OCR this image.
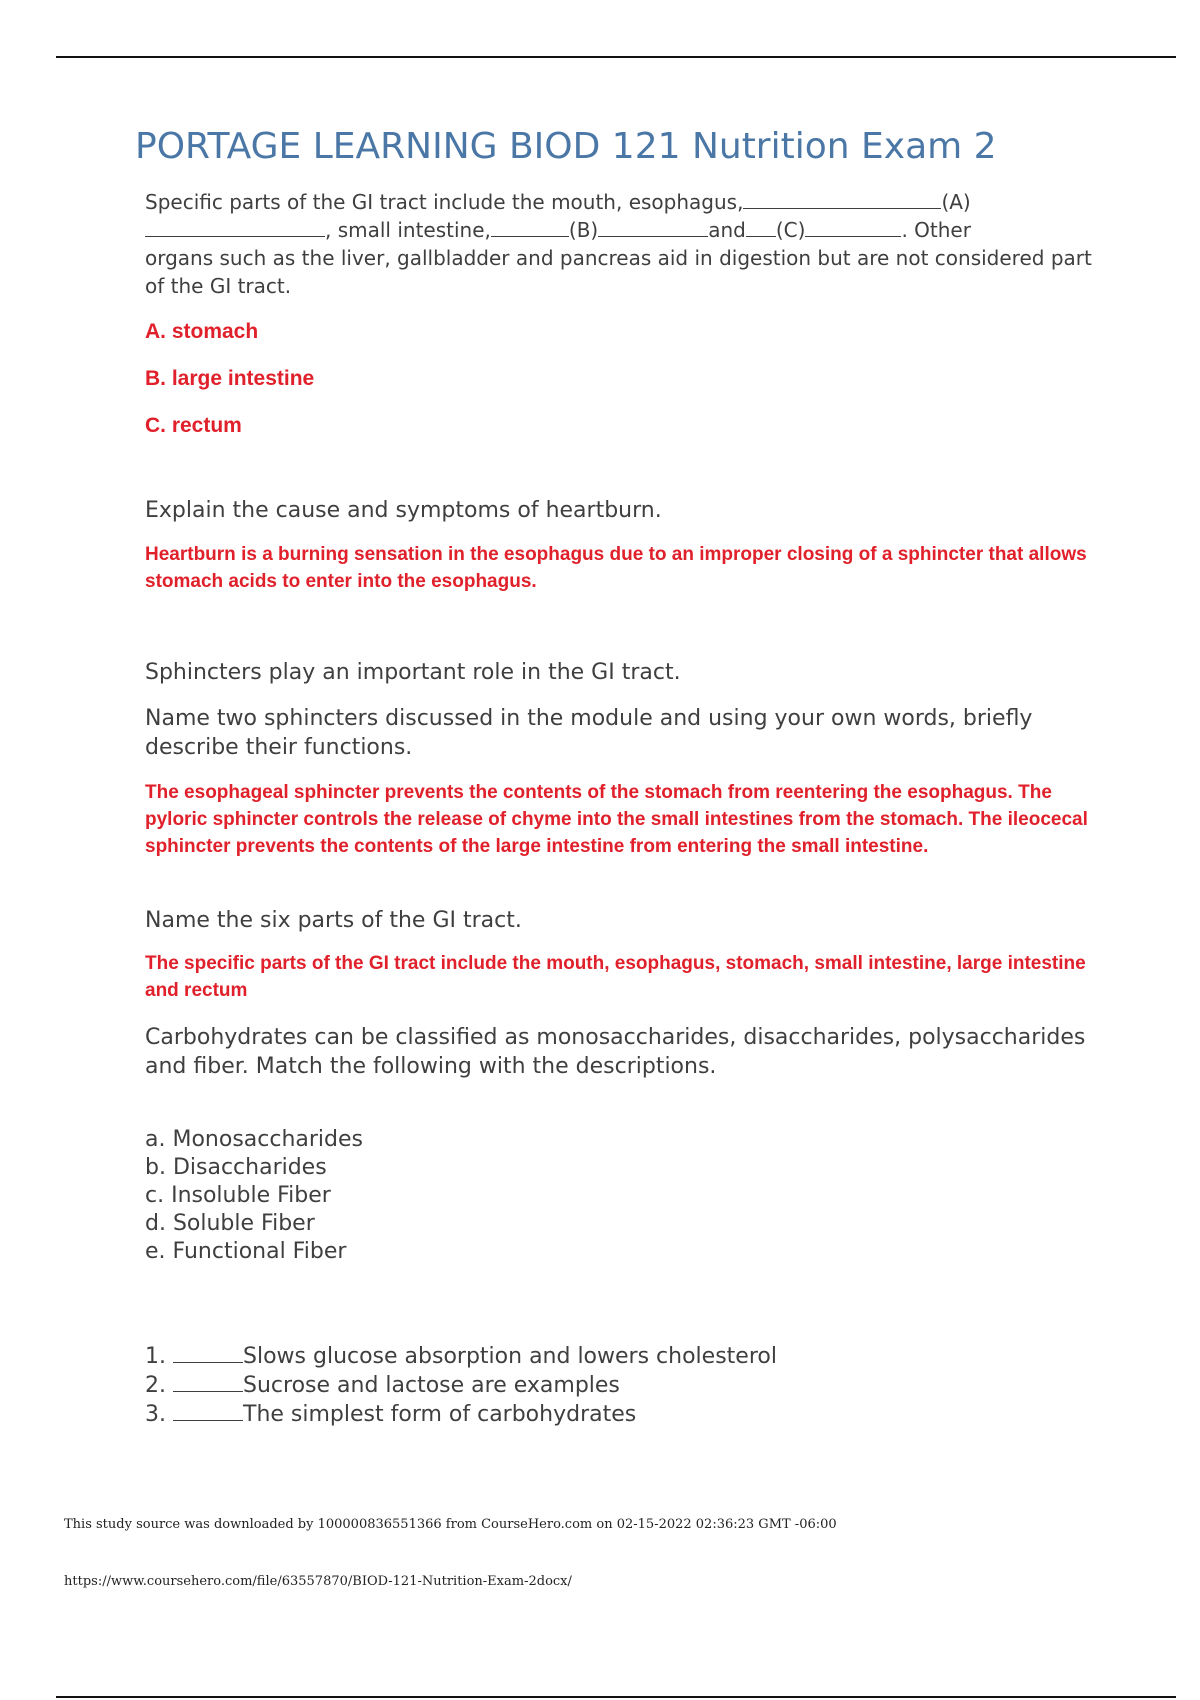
PORTAGE LEARNING BIOD 121 Nutrition Exam 2
Specific parts of the GI tract include the mouth, esophagus,	(A)
, small intestine,	(B)	and (C)	. Other
organs such as the liver, gallbladder and pancreas aid in digestion but are not considered part of the GI tract.

A. stomach

B. large intestine

C. rectum

Explain the cause and symptoms of heartburn.

Heartburn is a burning sensation in the esophagus due to an improper closing of a sphincter that allows stomach acids to enter into the esophagus.

Sphincters play an important role in the GI tract.

Name two sphincters discussed in the module and using your own words, briefly describe their functions.

The esophageal sphincter prevents the contents of the stomach from reentering the esophagus. The pyloric sphincter controls the release of chyme into the small intestines from the stomach. The ileocecal sphincter prevents the contents of the large intestine from entering the small intestine.

Name the six parts of the GI tract.

The specific parts of the GI tract include the mouth, esophagus, stomach, small intestine, large intestine and rectum

Carbohydrates can be classified as monosaccharides, disaccharides, polysaccharides and fiber. Match the following with the descriptions.

a. Monosaccharides
b. Disaccharides
c. Insoluble Fiber
d. Soluble Fiber
e. Functional Fiber
1.	Slows glucose absorption and lowers cholesterol
2.	Sucrose and lactose are examples
3.	The simplest form of carbohydrates

This study source was downloaded by 100000836551366 from CourseHero.com on 02-15-2022 02:36:23 GMT -06:00

https://www.coursehero.com/file/63557870/BIOD-121-Nutrition-Exam-2docx/
